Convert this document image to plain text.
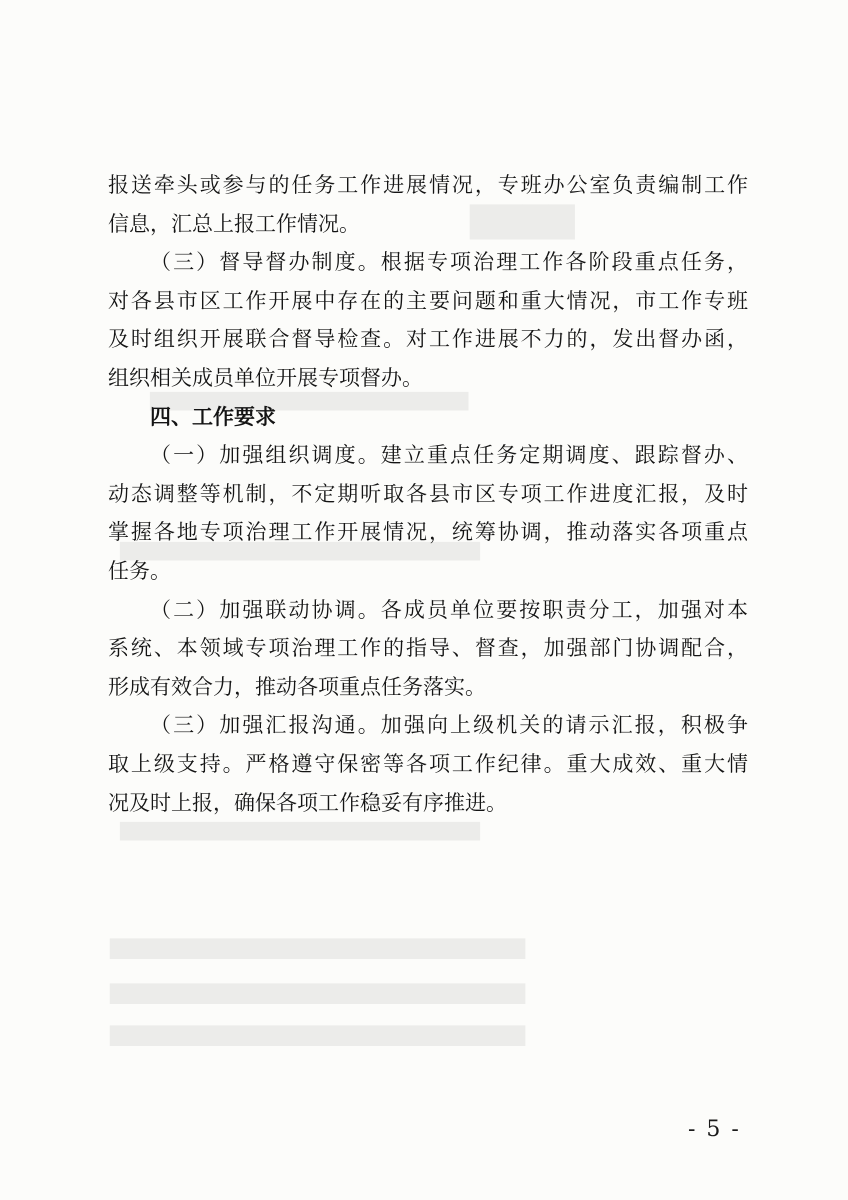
▇▇▇▇
▇▇▇▇▇▇▇▇▇▇▇▇▇▇▇▇▇▇▇▇▇▇▇
▇▇▇▇▇▇▇▇▇▇▇▇▇▇▇▇▇▇▇▇▇▇▇▇▇▇
▇▇▇▇▇▇▇▇▇▇▇▇▇▇▇▇▇▇▇▇▇▇▇▇▇▇
▇▇▇▇▇▇▇▇▇▇▇▇▇▇▇▇▇▇▇▇▇▇▇▇▇▇▇
▇▇▇▇▇▇▇▇▇▇▇▇▇▇▇▇▇▇▇▇▇▇▇▇▇▇▇
▇▇▇▇▇▇▇▇▇▇▇▇▇▇▇▇▇▇▇▇▇▇▇▇▇▇▇
报送牵头或参与的任务工作进展情况，专班办公室负责编制工作
信息，汇总上报工作情况。
（三）督导督办制度。根据专项治理工作各阶段重点任务，
对各县市区工作开展中存在的主要问题和重大情况，市工作专班
及时组织开展联合督导检查。对工作进展不力的，发出督办函，
组织相关成员单位开展专项督办。
四、工作要求
（一）加强组织调度。建立重点任务定期调度、跟踪督办、
动态调整等机制，不定期听取各县市区专项工作进度汇报，及时
掌握各地专项治理工作开展情况，统筹协调，推动落实各项重点
任务。
（二）加强联动协调。各成员单位要按职责分工，加强对本
系统、本领域专项治理工作的指导、督查，加强部门协调配合，
形成有效合力，推动各项重点任务落实。
（三）加强汇报沟通。加强向上级机关的请示汇报，积极争
取上级支持。严格遵守保密等各项工作纪律。重大成效、重大情
况及时上报，确保各项工作稳妥有序推进。
- 5 -
